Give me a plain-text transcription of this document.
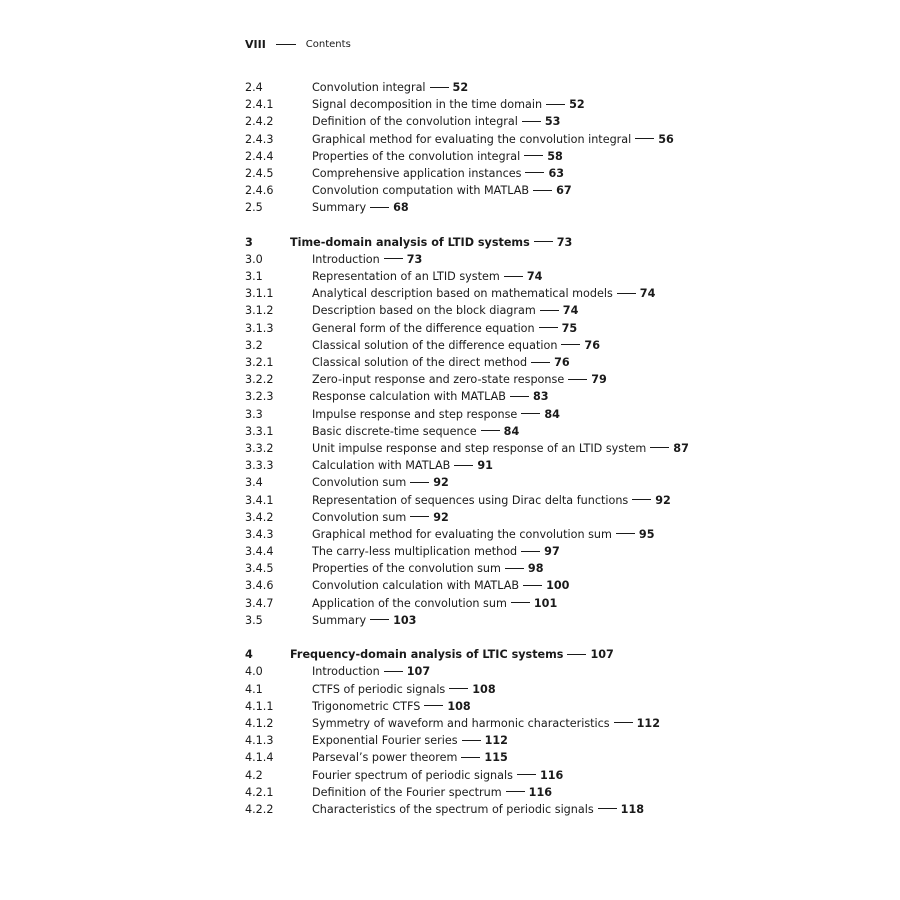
VIII	Contents
2.4	Convolution integral 52
2.4.1	Signal decomposition in the time domain 52
2.4.2	Definition of the convolution integral 53
2.4.3	Graphical method for evaluating the convolution integral 56
2.4.4	Properties of the convolution integral 58
2.4.5	Comprehensive application instances 63
2.4.6	Convolution computation with MATLAB 67
2.5	Summary 68
3	Time-domain analysis of LTID systems 73
3.0	Introduction 73
3.1	Representation of an LTID system 74
3.1.1	Analytical description based on mathematical models 74
3.1.2	Description based on the block diagram 74
3.1.3	General form of the difference equation 75
3.2	Classical solution of the difference equation 76
3.2.1	Classical solution of the direct method 76
3.2.2	Zero-input response and zero-state response 79
3.2.3	Response calculation with MATLAB 83
3.3	Impulse response and step response 84
3.3.1	Basic discrete-time sequence 84
3.3.2	Unit impulse response and step response of an LTID system 87
3.3.3	Calculation with MATLAB 91
3.4	Convolution sum 92
3.4.1	Representation of sequences using Dirac delta functions 92
3.4.2	Convolution sum 92
3.4.3	Graphical method for evaluating the convolution sum 95
3.4.4	The carry-less multiplication method 97
3.4.5	Properties of the convolution sum 98
3.4.6	Convolution calculation with MATLAB 100
3.4.7	Application of the convolution sum 101
3.5	Summary 103
4	Frequency-domain analysis of LTIC systems 107
4.0	Introduction 107
4.1	CTFS of periodic signals 108
4.1.1	Trigonometric CTFS 108
4.1.2	Symmetry of waveform and harmonic characteristics 112
4.1.3	Exponential Fourier series 112
4.1.4	Parseval’s power theorem 115
4.2	Fourier spectrum of periodic signals 116
4.2.1	Definition of the Fourier spectrum 116
4.2.2	Characteristics of the spectrum of periodic signals 118
